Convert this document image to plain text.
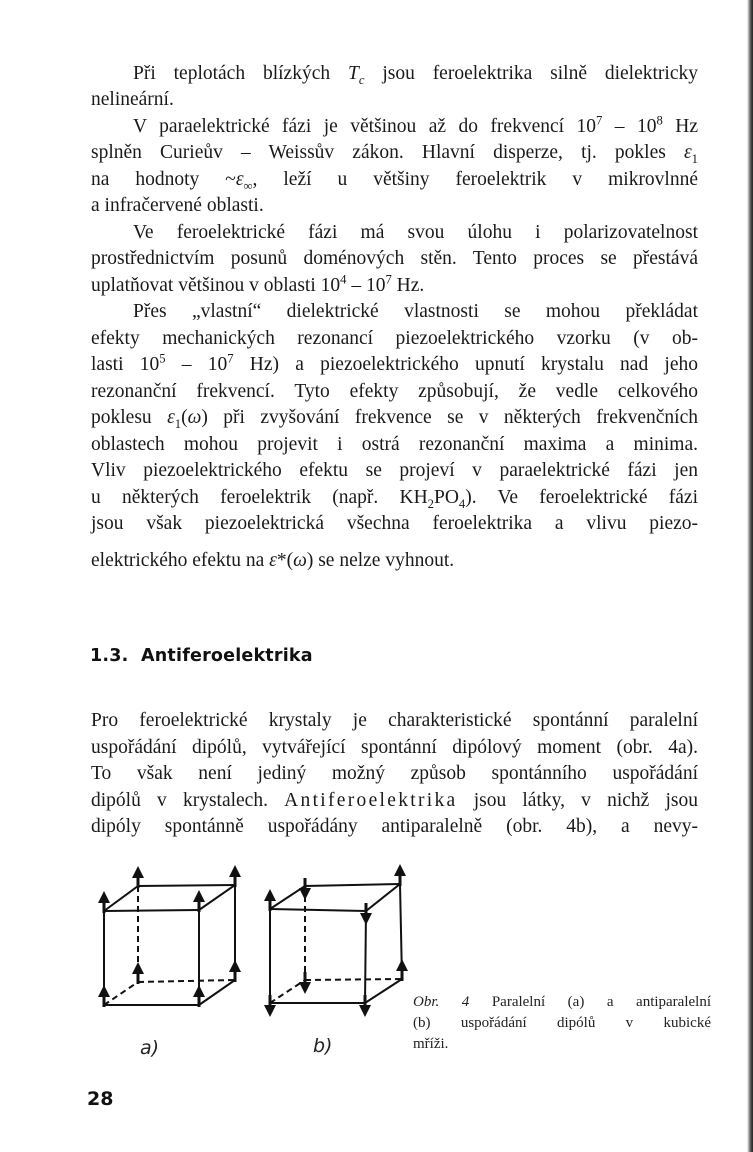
Při teplotách blízkých $T_c$ jsou feroelektrika silně dielektricky
nelineární.
V paraelektrické fázi je většinou až do frekvencí $10^7 - 10^8$ Hz
splněn Curieův – Weissův zákon. Hlavní disperze, tj. pokles $\varepsilon_1$
na hodnoty $\sim\varepsilon_\infty$, leží u většiny feroelektrik v mikrovlnné
a infračervené oblasti.
Ve feroelektrické fázi má svou úlohu i polarizovatelnost
prostřednictvím posunů doménových stěn. Tento proces se přestává
uplatňovat většinou v oblasti $10^4 - 10^7$ Hz.
Přes „vlastní“ dielektrické vlastnosti se mohou překládat
efekty mechanických rezonancí piezoelektrického vzorku (v ob-
lasti $10^5 - 10^7$ Hz) a piezoelektrického upnutí krystalu nad jeho
rezonanční frekvencí. Tyto efekty způsobují, že vedle celkového
poklesu $\varepsilon_1(\omega)$ při zvyšování frekvence se v některých frekvenčních
oblastech mohou projevit i ostrá rezonanční maxima a minima.
Vliv piezoelektrického efektu se projeví v paraelektrické fázi jen
u některých feroelektrik (např. $KH_2PO_4$). Ve feroelektrické fázi
jsou však piezoelektrická všechna feroelektrika a vlivu piezo-
elektrického efektu na ε*(ω) se nelze vyhnout.
1.3.  Antiferoelektrika
Pro feroelektrické krystaly je charakteristické spontánní paralelní
uspořádání dipólů, vytvářející spontánní dipólový moment (obr. 4a).
To však není jediný možný způsob spontánního uspořádání
dipólů v krystalech. Antiferoelektrika jsou látky, v nichž jsou
dipóly spontánně uspořádány antiparalelně (obr. 4b), a nevy-
a)	b)
Obr. 4 Paralelní (a) a antiparalelní
(b) uspořádání dipólů v kubické
mříži.
28
